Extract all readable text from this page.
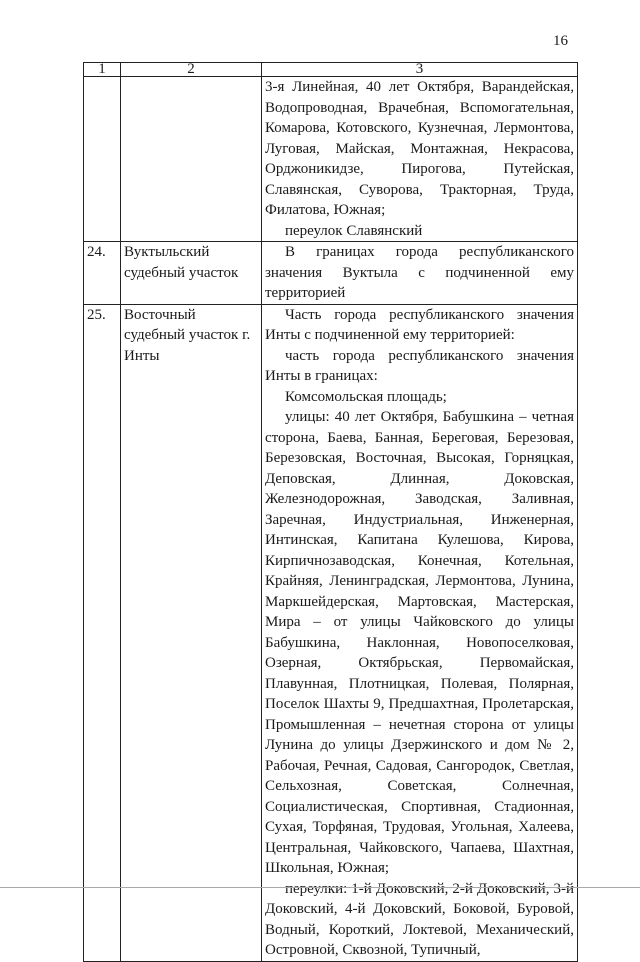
16
1	2	3

		3-я Линейная, 40 лет Октября, Варандейская, Водопроводная, Врачебная, Вспомогательная, Комарова, Котовского, Кузнечная, Лермонтова, Луговая, Майская, Монтажная, Некрасова, Орджоникидзе, Пирогова, Путейская, Славянская, Суворова, Тракторная, Труда, Филатова, Южная;

переулок Славянский

24.	Вуктыльский судебный участок	В границах города республиканского значения Вуктыла с подчиненной ему территорией

25.	Восточный судебный участок г. Инты	Часть города республиканского значения Инты с подчиненной ему территорией:

часть города республиканского значения Инты в границах:

Комсомольская площадь;

улицы: 40 лет Октября, Бабушкина – четная сторона, Баева, Банная, Береговая, Березовая, Березовская, Восточная, Высокая, Горняцкая, Деповская, Длинная, Доковская, Железнодорожная, Заводская, Заливная, Заречная, Индустриальная, Инженерная, Интинская, Капитана Кулешова, Кирова, Кирпичнозаводская, Конечная, Котельная, Крайняя, Ленинградская, Лермонтова, Лунина, Маркшейдерская, Мартовская, Мастерская, Мира – от улицы Чайковского до улицы Бабушкина, Наклонная, Новопоселковая, Озерная, Октябрьская, Первомайская, Плавунная, Плотницкая, Полевая, Полярная, Поселок Шахты 9, Предшахтная, Пролетарская, Промышленная – нечетная сторона от улицы Лунина до улицы Дзержинского и дом № 2, Рабочая, Речная, Садовая, Сангородок, Светлая, Сельхозная, Советская, Солнечная, Социалистическая, Спортивная, Стадионная, Сухая, Торфяная, Трудовая, Угольная, Халеева, Центральная, Чайковского, Чапаева, Шахтная, Школьная, Южная;

переулки: 1-й Доковский, 2-й Доковский, 3-й Доковский, 4-й Доковский, Боковой, Буровой, Водный, Короткий, Локтевой, Механический, Островной, Сквозной, Тупичный,
